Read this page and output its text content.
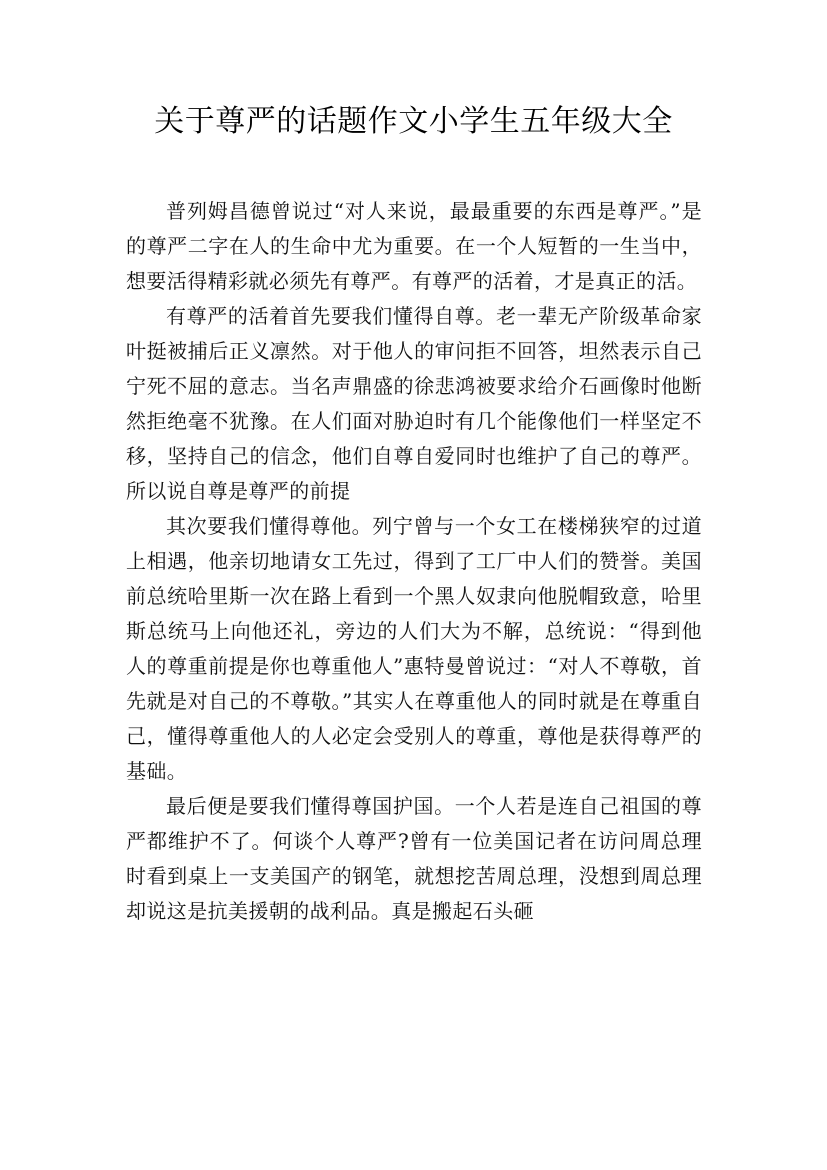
关于尊严的话题作文小学生五年级大全

普列姆昌德曾说过“对人来说，最最重要的东西是尊严。”是的尊严二字在人的生命中尤为重要。在一个人短暂的一生当中，想要活得精彩就必须先有尊严。有尊严的活着，才是真正的活。

有尊严的活着首先要我们懂得自尊。老一辈无产阶级革命家叶挺被捕后正义凛然。对于他人的审问拒不回答，坦然表示自己宁死不屈的意志。当名声鼎盛的徐悲鸿被要求给介石画像时他断然拒绝毫不犹豫。在人们面对胁迫时有几个能像他们一样坚定不移，坚持自己的信念，他们自尊自爱同时也维护了自己的尊严。所以说自尊是尊严的前提

其次要我们懂得尊他。列宁曾与一个女工在楼梯狭窄的过道上相遇，他亲切地请女工先过，得到了工厂中人们的赞誉。美国前总统哈里斯一次在路上看到一个黑人奴隶向他脱帽致意，哈里斯总统马上向他还礼，旁边的人们大为不解，总统说：“得到他人的尊重前提是你也尊重他人”惠特曼曾说过：“对人不尊敬，首先就是对自己的不尊敬。”其实人在尊重他人的同时就是在尊重自己，懂得尊重他人的人必定会受别人的尊重，尊他是获得尊严的基础。

最后便是要我们懂得尊国护国。一个人若是连自己祖国的尊严都维护不了。何谈个人尊严?曾有一位美国记者在访问周总理时看到桌上一支美国产的钢笔，就想挖苦周总理，没想到周总理却说这是抗美援朝的战利品。真是搬起石头砸
